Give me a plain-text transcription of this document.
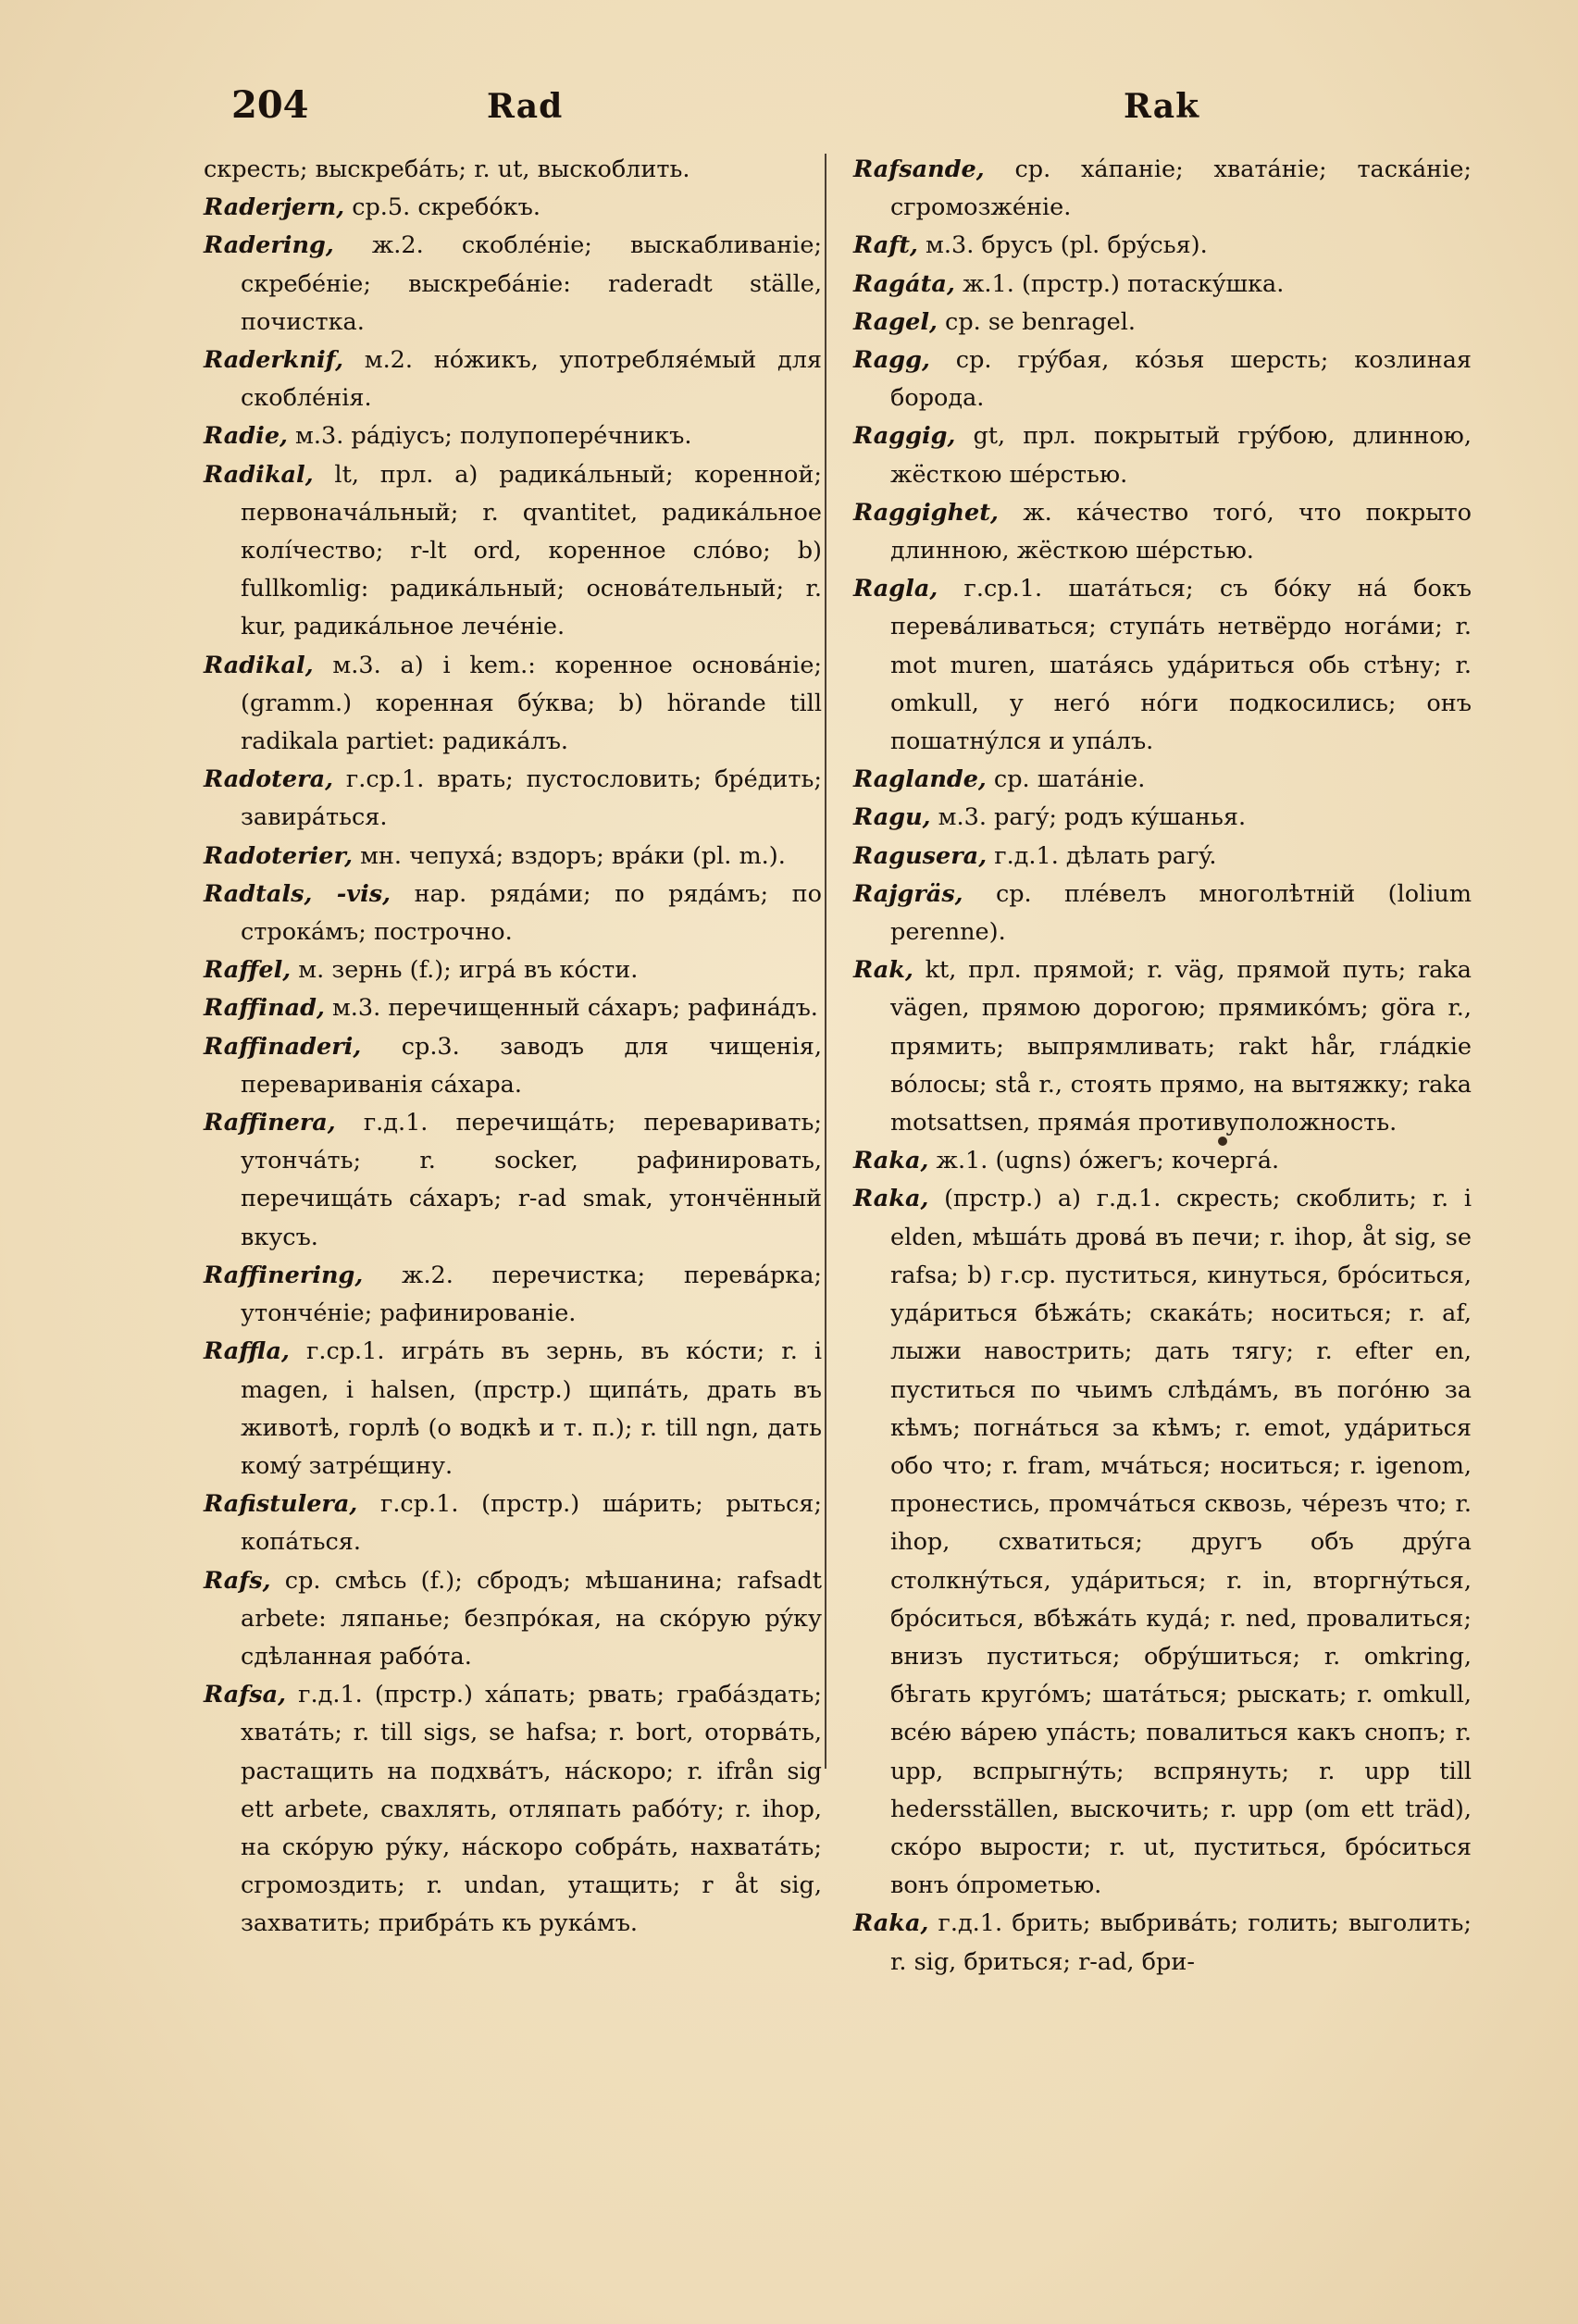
204	Rad	Rak

скресть; выскребáть; r. ut, выскоблить.

Raderjern, ср.5. скребóкъ.

Radering, ж.2. скоблéніе; выскабливаніе; скребéніе; выскребáніе: raderadt ställe, почистка.

Raderknif, м.2. нóжикъ, употребляéмый для скоблéнія.

Radie, м.3. рáдіусъ; полупоперéчникъ.

Radikal, lt, прл. а) радикáльный; коренной; первоначáльный; r. qvantitet, радикáльное колíчество; r-lt ord, коренное слóво; b) fullkomlig: радикáльный; основáтельный; r. kur, радикáльное лечéніе.

Radikal, м.3. а) i kem.: коренное основáніе; (gramm.) коренная бýква; b) hörande till radikala partiet: радикáлъ.

Radotera, г.ср.1. врать; пустословить; брéдить; завирáться.

Radoterier, мн. чепухá; вздоръ; врáки (pl. m.).

Radtals, -vis, нар. рядáми; по рядáмъ; по строкáмъ; построчно.

Raffel, м. зернь (f.); игрá въ кóсти.

Raffinad, м.3. перечищенный сáхаръ; рафинáдъ.

Raffinaderi, ср.3. заводъ для чищенія, переваривaнія сáхара.

Raffinera, г.д.1. перечищáть; переваривать; утончáть; r. socker, рафинировать, перечищáть сáхаръ; r-ad smak, утончённый вкусъ.

Raffinering, ж.2. перечистка; перевáрка; утончéніе; рафинированіе.

Raffla, г.ср.1. игрáть въ зернь, въ кóсти; r. i magen, i halsen, (прстр.) щипáть, драть въ животѣ, горлѣ (о водкѣ и т. п.); r. till ngn, дать комý затрéщину.

Rafistulera, г.ср.1. (прстр.) шáрить; рыться; копáться.

Rafs, ср. смѣсь (f.); сбродъ; мѣшанина; rafsadt arbete: ляпанье; безпрóкая, на скóрую рýку сдѣланная рабóта.

Rafsa, г.д.1. (прстр.) хáпать; рвать; грабáздать; хватáть; r. till sigs, se hafsa; r. bort, оторвáть, растащить на подхвáтъ, нáскоро; r. ifrån sig ett arbete, свахлять, отляпать рабóту; r. ihop, на скóрую рýку, нáскоро собрáть, нахватáть; сгромоздить; r. undan, утащить; r åt sig, захватить; прибрáть къ рукáмъ.

Rafsande, ср. хáпаніе; хватáніе; таскáніе; сгромозжéніе.

Raft, м.3. брусъ (pl. брýсья).

Ragáta, ж.1. (прстр.) потаскýшка.

Ragel, ср. se benragel.

Ragg, ср. грýбая, кóзья шерсть; козлиная борода.

Raggig, gt, прл. покрытый грýбою, длинною, жёсткою шéрстью.

Raggighet, ж. кáчество тогó, что покрыто длинною, жёсткою шéрстью.

Ragla, г.ср.1. шатáться; съ бóку нá бокъ перевáливаться; ступáть нетвёрдо ногáми; r. mot muren, шатáясь удáриться обь стѣну; r. omkull, у негó нóги подкосились; онъ пошатнýлся и упáлъ.

Raglande, ср. шатáніе.

Ragu, м.3. рагý; родъ кýшанья.

Ragusera, г.д.1. дѣлать рагý.

Rajgräs, ср. плéвелъ многолѣтній (lolium perenne).

Rak, kt, прл. прямой; r. väg, прямой путь; raka vägen, прямою дорогою; прямикóмъ; göra r., прямить; выпрямливать; rakt hår, глáдкіе вóлосы; stå r., стоять прямо, на вытяжку; raka motsattsen, прямáя противуположность.

Raka, ж.1. (ugns) óжегъ; кочергá.

Raka, (прстр.) а) г.д.1. скресть; скоблить; r. i elden, мѣшáть дровá въ печи; r. ihop, åt sig, se rafsa; b) г.ср. пуститься, кинуться, брóситься, удáриться бѣжáть; скакáть; носиться; r. af, лыжи навострить; дать тягу; r. efter en, пуститься по чьимъ слѣдáмъ, въ погóню за кѣмъ; погнáться за кѣмъ; r. emot, удáриться обо что; r. fram, мчáться; носиться; r. igenom, пронестись, промчáться сквозь, чéрезъ что; r. ihop, схватиться; другъ объ дрýга столкнýться, удáриться; r. in, вторгнýться, брóситься, вбѣжáть кудá; r. ned, провалиться; внизъ пуститься; обрýшиться; r. omkring, бѣгать кругóмъ; шатáться; рыскать; r. omkull, всéю вáрею упáсть; повалиться какъ снопъ; r. upp, вспрыгнýть; вспрянуть; r. upp till hedersställen, выскочить; r. upp (om ett träd), скóро вырости; r. ut, пуститься, брóситься вонъ óпрометью.

Raka, г.д.1. брить; выбривáть; голить; выголить; r. sig, бриться; r-ad, бри-
